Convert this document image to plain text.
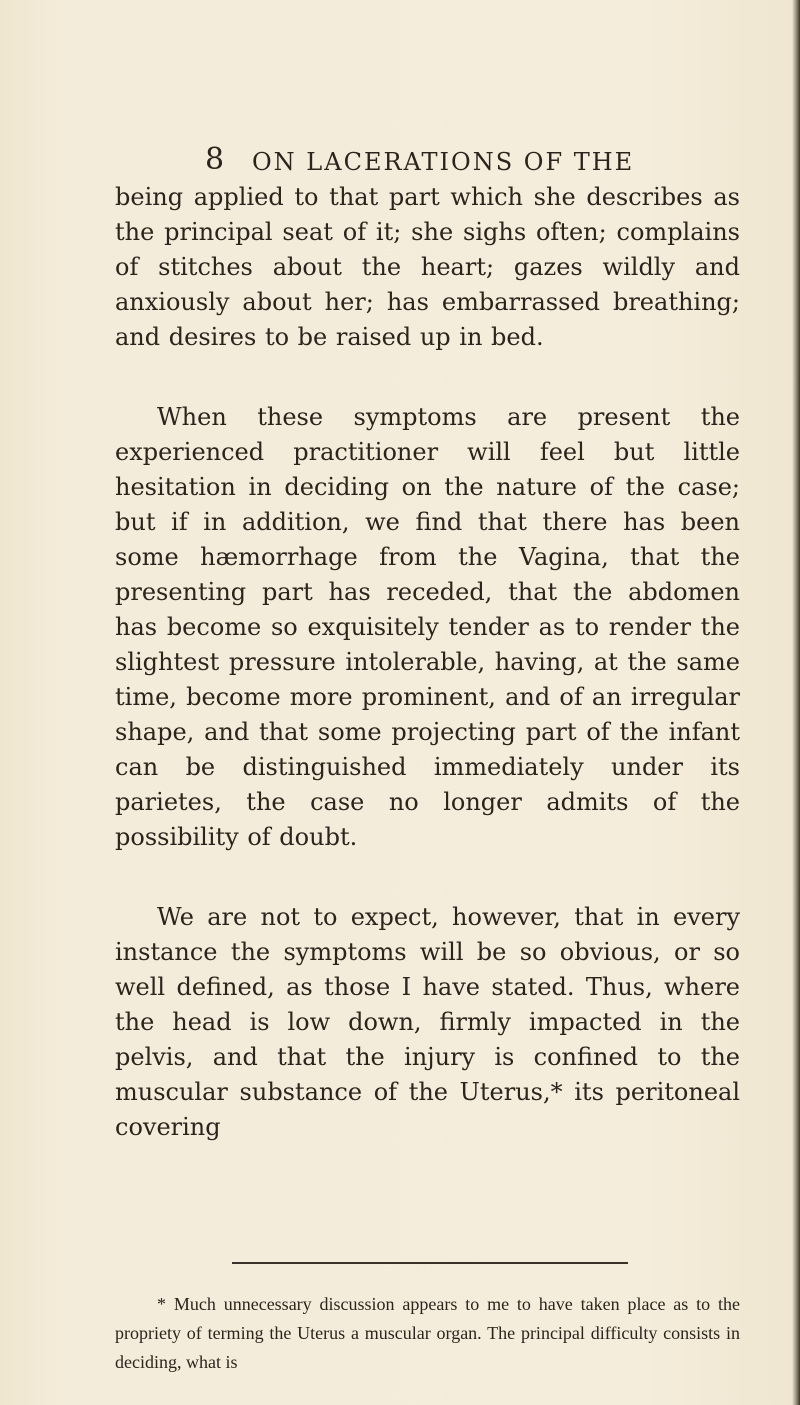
8 ON LACERATIONS OF THE

being applied to that part which she describes as the principal seat of it; she sighs often; complains of stitches about the heart; gazes wildly and anxiously about her; has embarrassed breathing; and desires to be raised up in bed.

When these symptoms are present the experienced practitioner will feel but little hesitation in deciding on the nature of the case; but if in addition, we find that there has been some hæmorrhage from the Vagina, that the presenting part has receded, that the abdomen has become so exquisitely tender as to render the slightest pressure intolerable, having, at the same time, become more prominent, and of an irregular shape, and that some projecting part of the infant can be distinguished immediately under its parietes, the case no longer admits of the possibility of doubt.

We are not to expect, however, that in every instance the symptoms will be so obvious, or so well defined, as those I have stated. Thus, where the head is low down, firmly impacted in the pelvis, and that the injury is confined to the muscular substance of the Uterus,* its peritoneal covering

* Much unnecessary discussion appears to me to have taken place as to the propriety of terming the Uterus a muscular organ. The principal difficulty consists in deciding, what is
